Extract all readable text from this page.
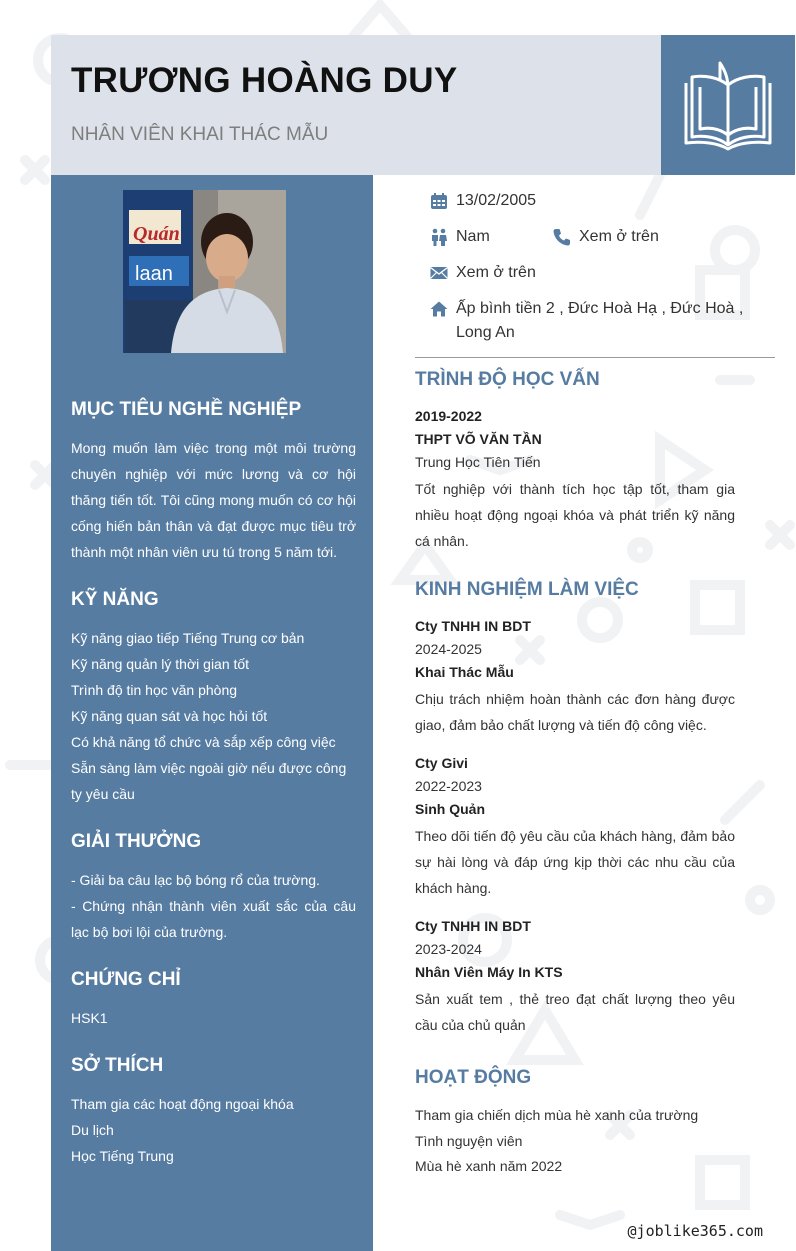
TRƯƠNG HOÀNG DUY

NHÂN VIÊN KHAI THÁC MẪU

Quán
laan
MỤC TIÊU NGHỀ NGHIỆP

Mong muốn làm việc trong một môi trường chuyên nghiệp với mức lương và cơ hội thăng tiến tốt. Tôi cũng mong muốn có cơ hội cống hiến bản thân và đạt được mục tiêu trở thành một nhân viên ưu tú trong 5 năm tới.

KỸ NĂNG
Kỹ năng giao tiếp Tiếng Trung cơ bản
Kỹ năng quản lý thời gian tốt
Trình độ tin học văn phòng
Kỹ năng quan sát và học hỏi tốt
Có khả năng tổ chức và sắp xếp công việc
Sẵn sàng làm việc ngoài giờ nếu được công ty yêu cầu
GIẢI THƯỞNG
- Giải ba câu lạc bộ bóng rổ của trường.
- Chứng nhận thành viên xuất sắc của câu lạc bộ bơi lội của trường.
CHỨNG CHỈ
HSK1
SỞ THÍCH
Tham gia các hoạt động ngoại khóa
Du lịch
Học Tiếng Trung
13/02/2005
Nam	Xem ở trên
Xem ở trên
Ấp bình tiền 2 , Đức Hoà Hạ , Đức Hoà , Long An
TRÌNH ĐỘ HỌC VẤN
2019-2022
THPT VÕ VĂN TẦN
Trung Học Tiên Tiến
Tốt nghiệp với thành tích học tập tốt, tham gia nhiều hoạt động ngoại khóa và phát triển kỹ năng cá nhân.
KINH NGHIỆM LÀM VIỆC
Cty TNHH IN BDT
2024-2025
Khai Thác Mẫu
Chịu trách nhiệm hoàn thành các đơn hàng được giao, đảm bảo chất lượng và tiến độ công việc.
Cty Givi
2022-2023
Sinh Quản
Theo dõi tiến độ yêu cầu của khách hàng, đảm bảo sự hài lòng và đáp ứng kịp thời các nhu cầu của khách hàng.
Cty TNHH IN BDT
2023-2024
Nhân Viên Máy In KTS
Sản xuất tem , thẻ treo đạt chất lượng theo yêu cầu của chủ quản
HOẠT ĐỘNG
Tham gia chiến dịch mùa hè xanh của trường
Tình nguyện viên
Mùa hè xanh năm 2022
@joblike365.com
